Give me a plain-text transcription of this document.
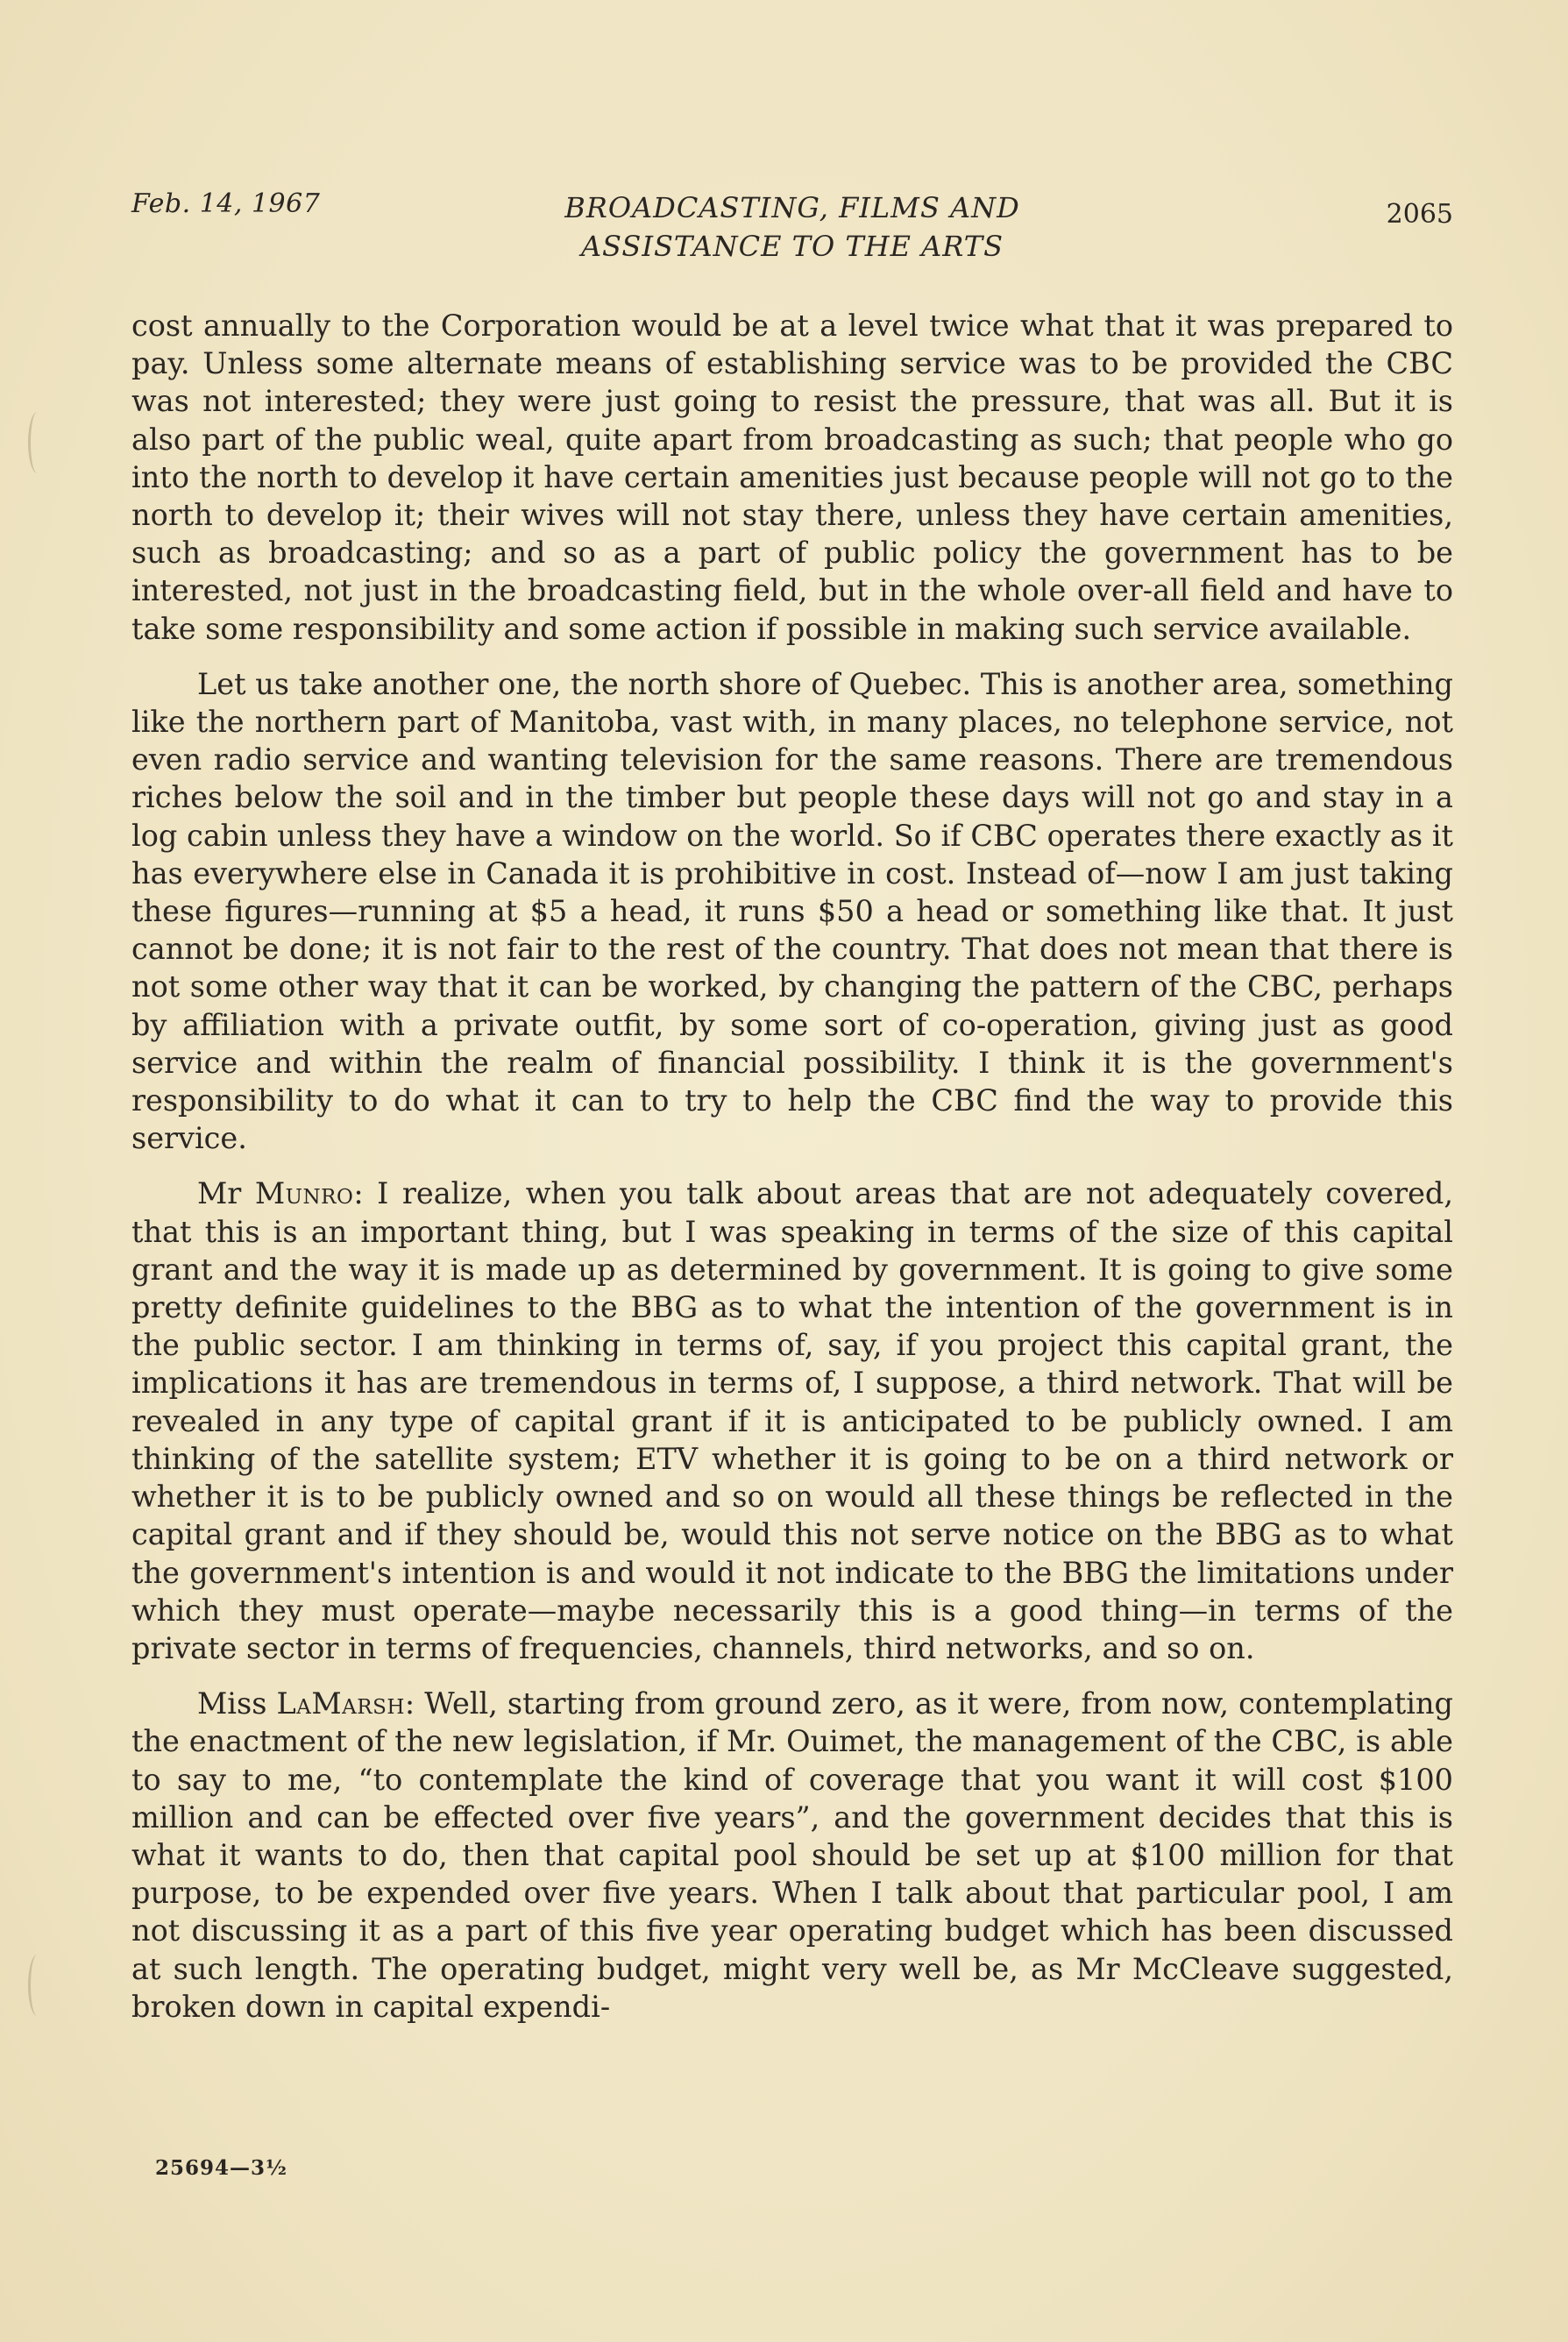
Feb. 14, 1967	BROADCASTING, FILMS AND
ASSISTANCE TO THE ARTS
2065

cost annually to the Corporation would be at a level twice what that it was prepared to pay. Unless some alternate means of establishing service was to be provided the CBC was not interested; they were just going to resist the pressure, that was all. But it is also part of the public weal, quite apart from broadcasting as such; that people who go into the north to develop it have certain amenities just because people will not go to the north to develop it; their wives will not stay there, unless they have certain amenities, such as broadcasting; and so as a part of public policy the government has to be interested, not just in the broadcasting field, but in the whole over-all field and have to take some responsibility and some action if possible in making such service available.

Let us take another one, the north shore of Quebec. This is another area, something like the northern part of Manitoba, vast with, in many places, no telephone service, not even radio service and wanting television for the same reasons. There are tremendous riches below the soil and in the timber but people these days will not go and stay in a log cabin unless they have a window on the world. So if CBC operates there exactly as it has everywhere else in Canada it is prohibitive in cost. Instead of—now I am just taking these figures—running at $5 a head, it runs $50 a head or something like that. It just cannot be done; it is not fair to the rest of the country. That does not mean that there is not some other way that it can be worked, by changing the pattern of the CBC, perhaps by affiliation with a private outfit, by some sort of co-operation, giving just as good service and within the realm of financial possibility. I think it is the government's responsibility to do what it can to try to help the CBC find the way to provide this service.

Mr Munro: I realize, when you talk about areas that are not adequately covered, that this is an important thing, but I was speaking in terms of the size of this capital grant and the way it is made up as determined by government. It is going to give some pretty definite guidelines to the BBG as to what the intention of the government is in the public sector. I am thinking in terms of, say, if you project this capital grant, the implications it has are tremendous in terms of, I suppose, a third network. That will be revealed in any type of capital grant if it is anticipated to be publicly owned. I am thinking of the satellite system; ETV whether it is going to be on a third network or whether it is to be publicly owned and so on would all these things be reflected in the capital grant and if they should be, would this not serve notice on the BBG as to what the government's intention is and would it not indicate to the BBG the limitations under which they must operate—maybe necessarily this is a good thing—in terms of the private sector in terms of frequencies, channels, third networks, and so on.

Miss LaMarsh: Well, starting from ground zero, as it were, from now, contemplating the enactment of the new legislation, if Mr. Ouimet, the management of the CBC, is able to say to me, “to contemplate the kind of coverage that you want it will cost $100 million and can be effected over five years”, and the government decides that this is what it wants to do, then that capital pool should be set up at $100 million for that purpose, to be expended over five years. When I talk about that particular pool, I am not discussing it as a part of this five year operating budget which has been discussed at such length. The operating budget, might very well be, as Mr McCleave suggested, broken down in capital expendi-

25694—3½
